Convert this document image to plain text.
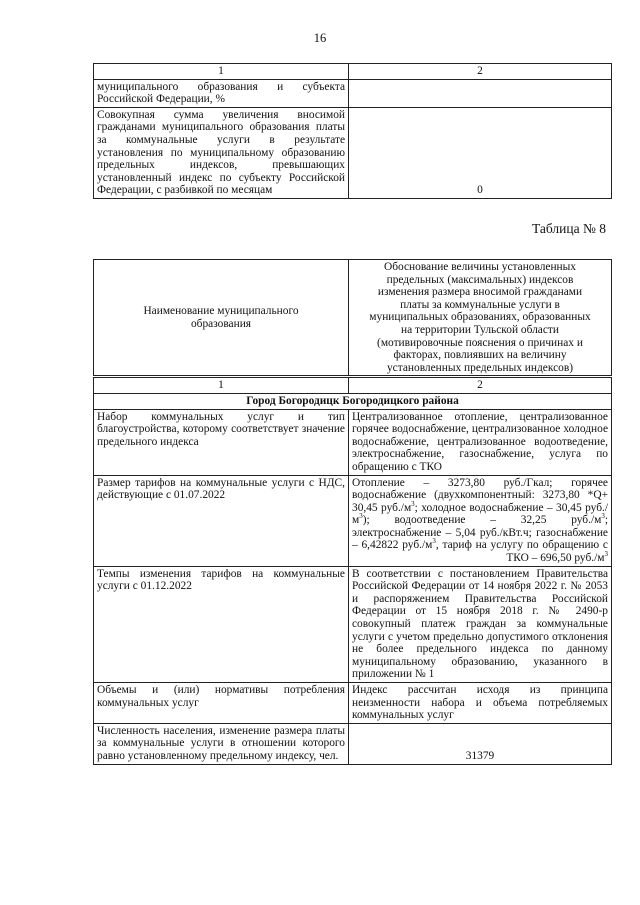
16
1	2

муниципального образования и субъекта Российской Федерации, %	

Совокупная сумма увеличения вносимой гражданами муниципального образования платы за коммунальные услуги в результате установления по муниципальному образованию предельных индексов, превышающих установленный индекс по субъекту Российской Федерации, с разбивкой по месяцам	0
Таблица № 8
Наименование муниципального образования	Обоснование величины установленных предельных (максимальных) индексов изменения размера вносимой гражданами платы за коммунальные услуги в муниципальных образованиях, образованных на территории Тульской области (мотивировочные пояснения о причинах и факторах, повлиявших на величину установленных предельных индексов)
1	2
Город Богородицк Богородицкого района	

Набор коммунальных услуг и тип благоустройства, которому соответствует значение предельного индекса	Централизованное отопление, централизованное горячее водоснабжение, централизованное холодное водоснабжение, централизованное водоотведение, электроснабжение, газоснабжение, услуга по обращению с ТКО

Размер тарифов на коммунальные услуги с НДС, действующие с 01.07.2022	Отопление – 3273,80 руб./Гкал; горячее водоснабжение (двухкомпонентный: 3273,80 *Q+ 30,45 $руб./м^3$; холодное водоснабжение – 30,45 $руб./м^3$); водоотведение – 32,25 $руб./м^3$; электроснабжение – 5,04 руб./кВт.ч; газоснабжение – 6,42822 $руб./м^3$, тариф на услугу по обращению с ТКО – 696,50 $руб./м^3$

Темпы изменения тарифов на коммунальные услуги с 01.12.2022	В соответствии с постановлением Правительства Российской Федерации от 14 ноября 2022 г. № 2053 и распоряжением Правительства Российской Федерации от 15 ноября 2018 г. № 2490-р совокупный платеж граждан за коммунальные услуги с учетом предельно допустимого отклонения не более предельного индекса по данному муниципальному образованию, указанного в приложении № 1

Объемы и (или) нормативы потребления коммунальных услуг	Индекс рассчитан исходя из принципа неизменности набора и объема потребляемых коммунальных услуг

Численность населения, изменение размера платы за коммунальные услуги в отношении которого равно установленному предельному индексу, чел.	31379
